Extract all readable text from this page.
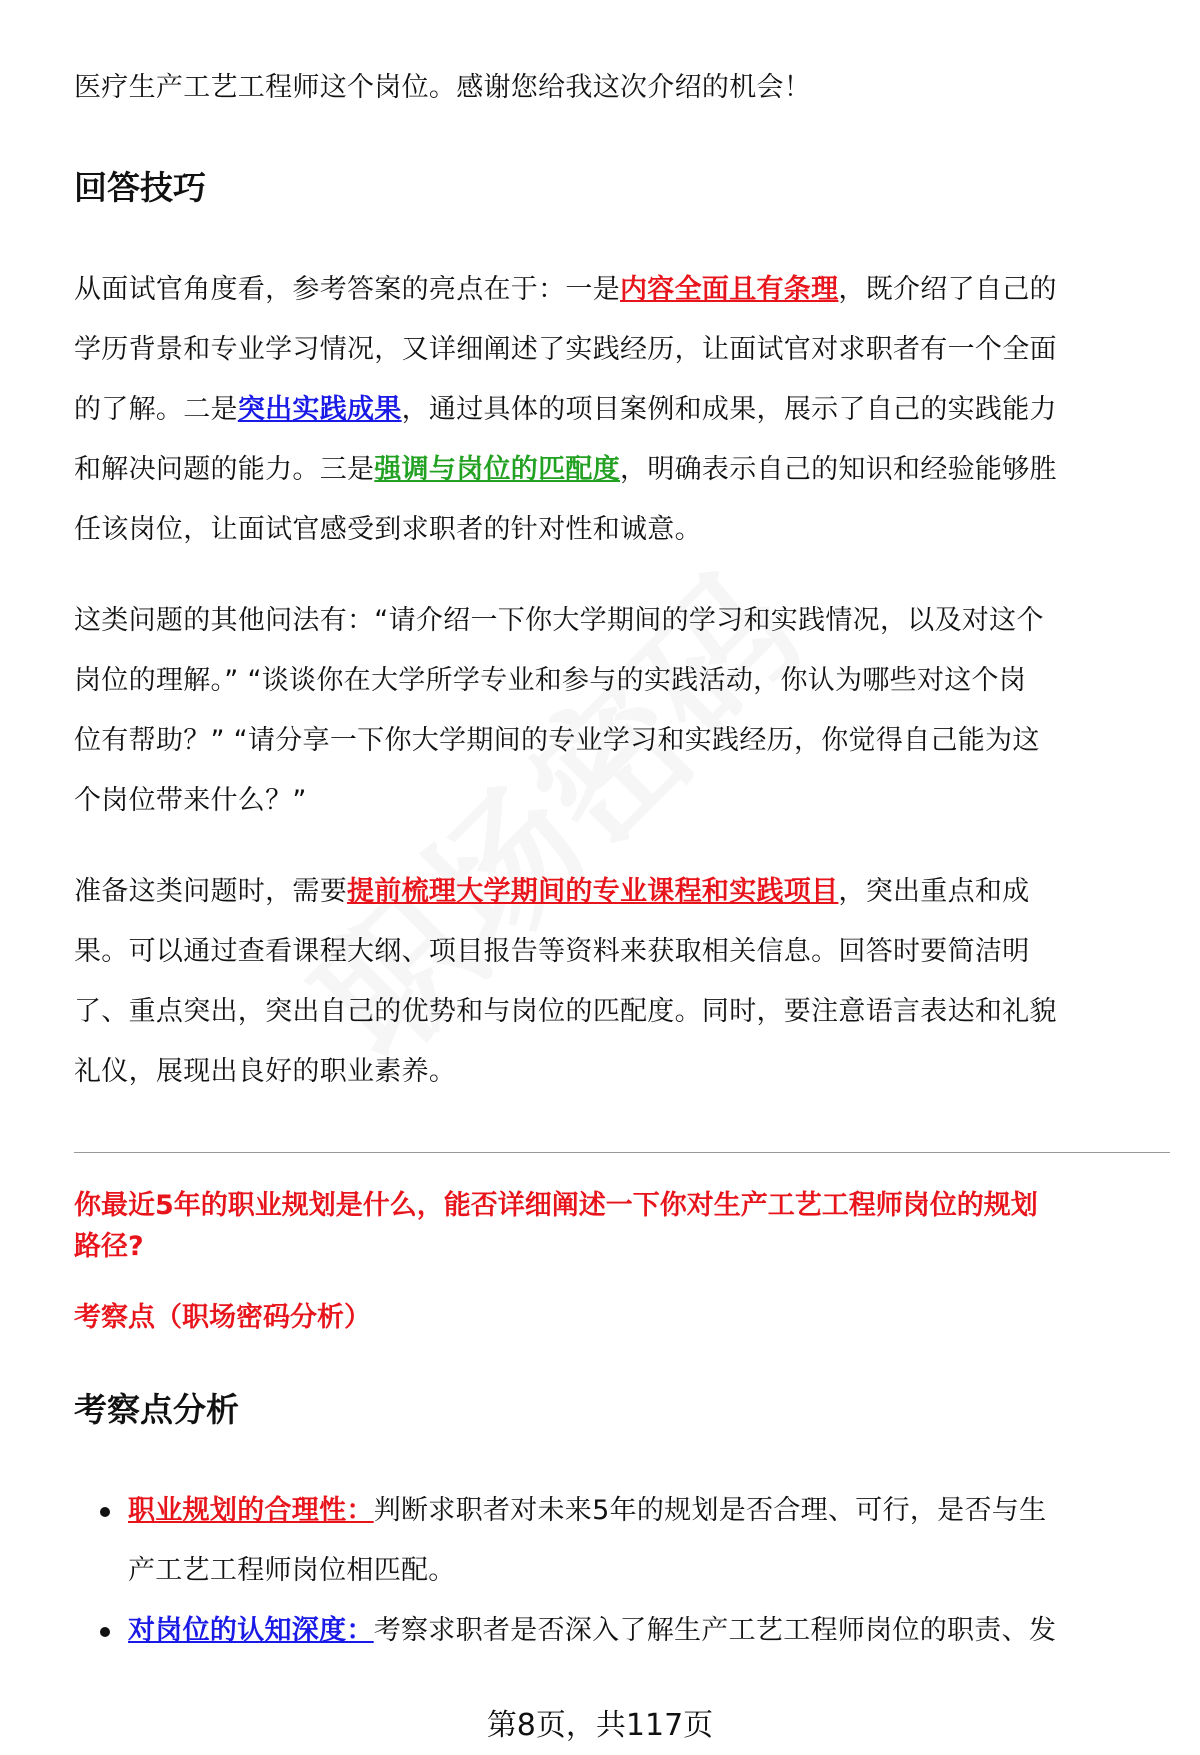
医疗生产工艺工程师这个岗位。感谢您给我这次介绍的机会！
回答技巧
从面试官角度看，参考答案的亮点在于：一是内容全面且有条理，既介绍了自己的
学历背景和专业学习情况，又详细阐述了实践经历，让面试官对求职者有一个全面
的了解。二是突出实践成果，通过具体的项目案例和成果，展示了自己的实践能力
和解决问题的能力。三是强调与岗位的匹配度，明确表示自己的知识和经验能够胜
任该岗位，让面试官感受到求职者的针对性和诚意。
这类问题的其他问法有：“请介绍一下你大学期间的学习和实践情况，以及对这个
岗位的理解。” “谈谈你在大学所学专业和参与的实践活动，你认为哪些对这个岗
位有帮助？” “请分享一下你大学期间的专业学习和实践经历，你觉得自己能为这
个岗位带来什么？”
准备这类问题时，需要提前梳理大学期间的专业课程和实践项目，突出重点和成
果。可以通过查看课程大纲、项目报告等资料来获取相关信息。回答时要简洁明
了、重点突出，突出自己的优势和与岗位的匹配度。同时，要注意语言表达和礼貌
礼仪，展现出良好的职业素养。
你最近5年的职业规划是什么，能否详细阐述一下你对生产工艺工程师岗位的规划
路径?
考察点（职场密码分析）
考察点分析
职业规划的合理性：判断求职者对未来5年的规划是否合理、可行，是否与生
产工艺工程师岗位相匹配。
对岗位的认知深度：考察求职者是否深入了解生产工艺工程师岗位的职责、发
第8页，共117页
